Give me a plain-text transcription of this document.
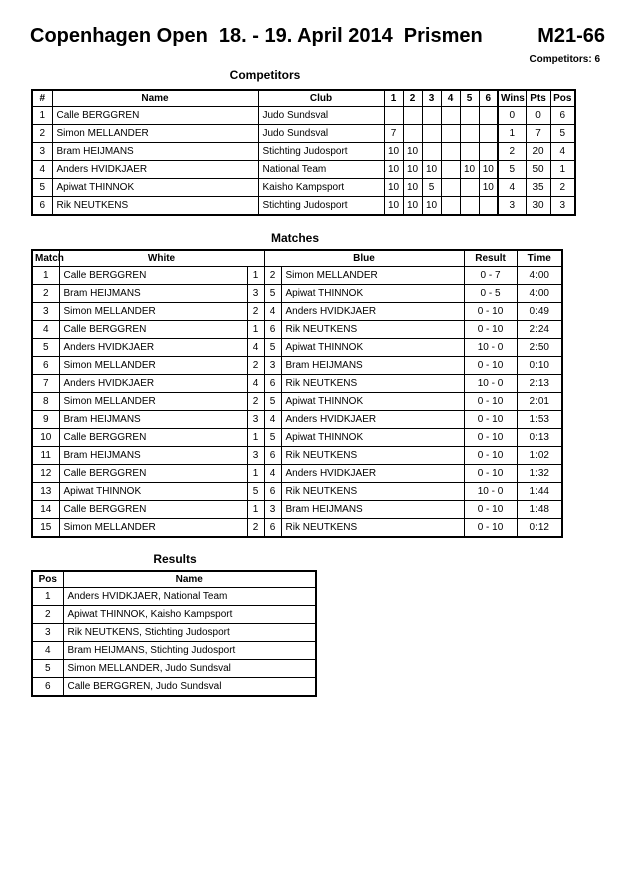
Copenhagen Open  18. - 19. April 2014  Prismen

	M21-66

Competitors: 6
Competitors
#	Name	Club	1	2	3	4	5	6	Wins	Pts	Pos
1	Calle BERGGREN	Judo Sundsval							0	0	6
2	Simon MELLANDER	Judo Sundsval	7						1	7	5
3	Bram HEIJMANS	Stichting Judosport	10	10					2	20	4
4	Anders HVIDKJAER	National Team	10	10	10		10	10	5	50	1
5	Apiwat THINNOK	Kaisho Kampsport	10	10	5			10	4	35	2
6	Rik NEUTKENS	Stichting Judosport	10	10	10				3	30	3
Matches
Match	White		Blue		Result	Time
1	Calle BERGGREN	1	2	Simon MELLANDER	0 - 7	4:00
2	Bram HEIJMANS	3	5	Apiwat THINNOK	0 - 5	4:00
3	Simon MELLANDER	2	4	Anders HVIDKJAER	0 - 10	0:49
4	Calle BERGGREN	1	6	Rik NEUTKENS	0 - 10	2:24
5	Anders HVIDKJAER	4	5	Apiwat THINNOK	10 - 0	2:50
6	Simon MELLANDER	2	3	Bram HEIJMANS	0 - 10	0:10
7	Anders HVIDKJAER	4	6	Rik NEUTKENS	10 - 0	2:13
8	Simon MELLANDER	2	5	Apiwat THINNOK	0 - 10	2:01
9	Bram HEIJMANS	3	4	Anders HVIDKJAER	0 - 10	1:53
10	Calle BERGGREN	1	5	Apiwat THINNOK	0 - 10	0:13
11	Bram HEIJMANS	3	6	Rik NEUTKENS	0 - 10	1:02
12	Calle BERGGREN	1	4	Anders HVIDKJAER	0 - 10	1:32
13	Apiwat THINNOK	5	6	Rik NEUTKENS	10 - 0	1:44
14	Calle BERGGREN	1	3	Bram HEIJMANS	0 - 10	1:48
15	Simon MELLANDER	2	6	Rik NEUTKENS	0 - 10	0:12
Results
Pos	Name
1	Anders HVIDKJAER, National Team
2	Apiwat THINNOK, Kaisho Kampsport
3	Rik NEUTKENS, Stichting Judosport
4	Bram HEIJMANS, Stichting Judosport
5	Simon MELLANDER, Judo Sundsval
6	Calle BERGGREN, Judo Sundsval
